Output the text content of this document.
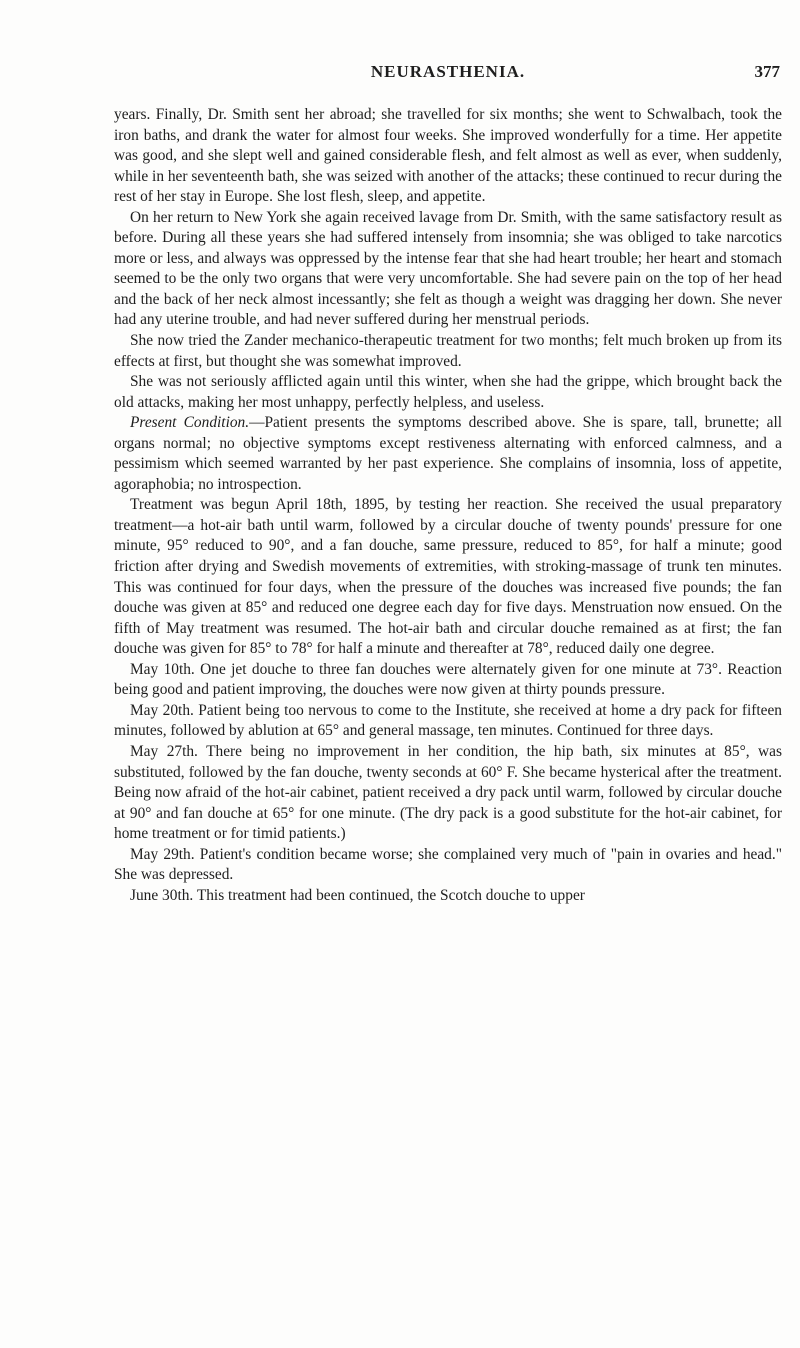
NEURASTHENIA.	377

years. Finally, Dr. Smith sent her abroad; she travelled for six months; she went to Schwalbach, took the iron baths, and drank the water for almost four weeks. She improved wonderfully for a time. Her appetite was good, and she slept well and gained considerable flesh, and felt almost as well as ever, when suddenly, while in her seventeenth bath, she was seized with another of the attacks; these continued to recur during the rest of her stay in Europe. She lost flesh, sleep, and appetite.

On her return to New York she again received lavage from Dr. Smith, with the same satisfactory result as before. During all these years she had suffered intensely from insomnia; she was obliged to take narcotics more or less, and always was oppressed by the intense fear that she had heart trouble; her heart and stomach seemed to be the only two organs that were very uncomfortable. She had severe pain on the top of her head and the back of her neck almost incessantly; she felt as though a weight was dragging her down. She never had any uterine trouble, and had never suffered during her menstrual periods.

She now tried the Zander mechanico-therapeutic treatment for two months; felt much broken up from its effects at first, but thought she was somewhat improved.

She was not seriously afflicted again until this winter, when she had the grippe, which brought back the old attacks, making her most unhappy, perfectly helpless, and useless.

Present Condition.—Patient presents the symptoms described above. She is spare, tall, brunette; all organs normal; no objective symptoms except restiveness alternating with enforced calmness, and a pessimism which seemed warranted by her past experience. She complains of insomnia, loss of appetite, agoraphobia; no introspection.

Treatment was begun April 18th, 1895, by testing her reaction. She received the usual preparatory treatment—a hot-air bath until warm, followed by a circular douche of twenty pounds' pressure for one minute, 95° reduced to 90°, and a fan douche, same pressure, reduced to 85°, for half a minute; good friction after drying and Swedish movements of extremities, with stroking-massage of trunk ten minutes. This was continued for four days, when the pressure of the douches was increased five pounds; the fan douche was given at 85° and reduced one degree each day for five days. Menstruation now ensued. On the fifth of May treatment was resumed. The hot-air bath and circular douche remained as at first; the fan douche was given for 85° to 78° for half a minute and thereafter at 78°, reduced daily one degree.

May 10th. One jet douche to three fan douches were alternately given for one minute at 73°. Reaction being good and patient improving, the douches were now given at thirty pounds pressure.

May 20th. Patient being too nervous to come to the Institute, she received at home a dry pack for fifteen minutes, followed by ablution at 65° and general massage, ten minutes. Continued for three days.

May 27th. There being no improvement in her condition, the hip bath, six minutes at 85°, was substituted, followed by the fan douche, twenty seconds at 60° F. She became hysterical after the treatment. Being now afraid of the hot-air cabinet, patient received a dry pack until warm, followed by circular douche at 90° and fan douche at 65° for one minute. (The dry pack is a good substitute for the hot-air cabinet, for home treatment or for timid patients.)

May 29th. Patient's condition became worse; she complained very much of "pain in ovaries and head." She was depressed.

June 30th. This treatment had been continued, the Scotch douche to upper
